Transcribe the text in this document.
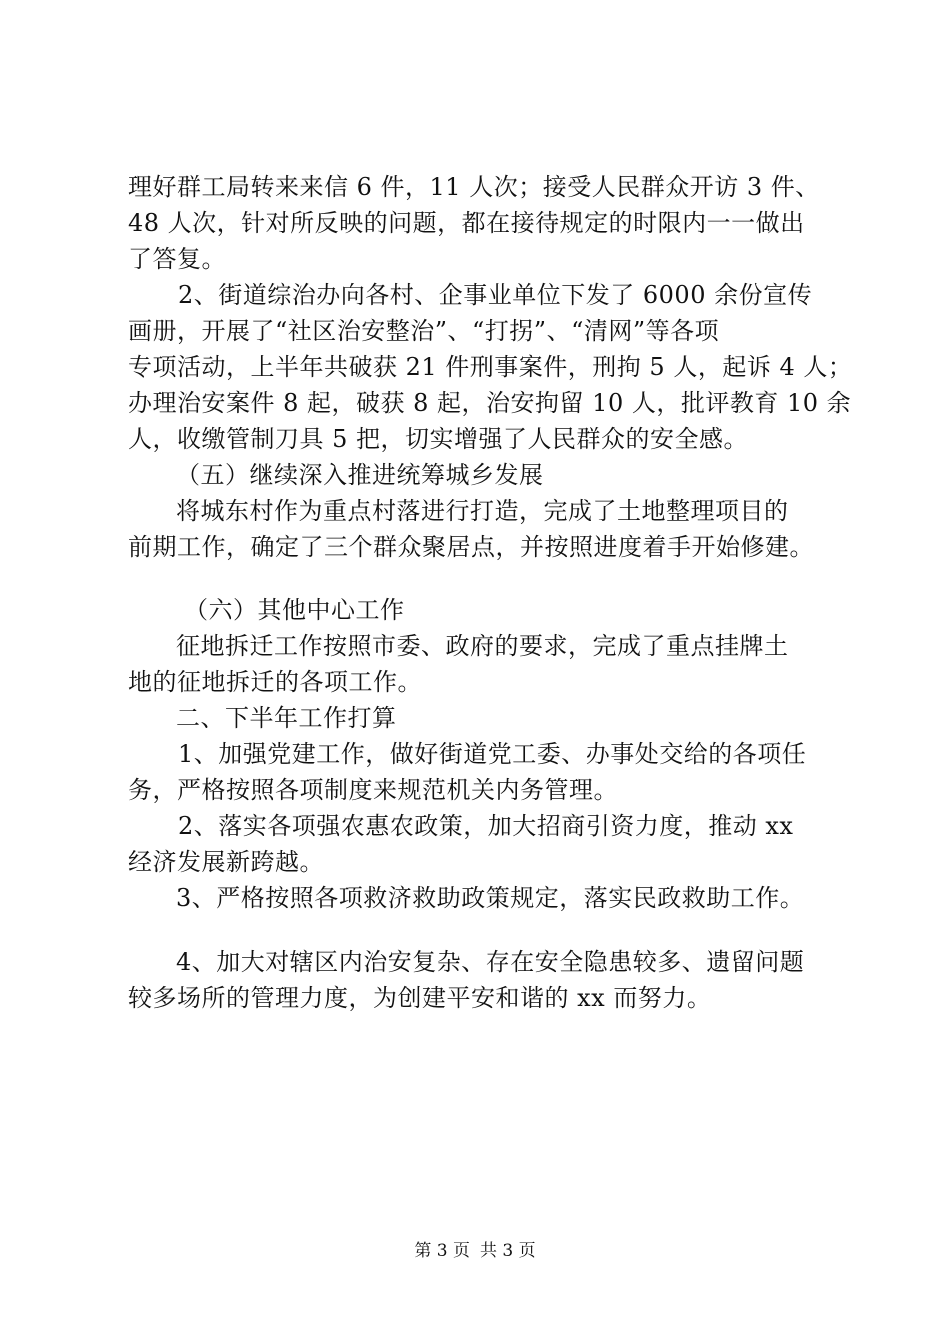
理好群工局转来来信 6 件，11 人次；接受人民群众开访 3 件、
48 人次，针对所反映的问题，都在接待规定的时限内一一做出
了答复。
2、街道综治办向各村、企事业单位下发了 6000 余份宣传
画册，开展了“社区治安整治”、“打拐”、“清网”等各项
专项活动，上半年共破获 21 件刑事案件，刑拘 5 人，起诉 4 人；
办理治安案件 8 起，破获 8 起，治安拘留 10 人，批评教育 10 余
人，收缴管制刀具 5 把，切实增强了人民群众的安全感。
（五）继续深入推进统筹城乡发展
将城东村作为重点村落进行打造，完成了土地整理项目的
前期工作，确定了三个群众聚居点，并按照进度着手开始修建。
（六）其他中心工作
征地拆迁工作按照市委、政府的要求，完成了重点挂牌土
地的征地拆迁的各项工作。
二、下半年工作打算
1、加强党建工作，做好街道党工委、办事处交给的各项任
务，严格按照各项制度来规范机关内务管理。
2、落实各项强农惠农政策，加大招商引资力度，推动 xx
经济发展新跨越。
3、严格按照各项救济救助政策规定，落实民政救助工作。
4、加大对辖区内治安复杂、存在安全隐患较多、遗留问题
较多场所的管理力度，为创建平安和谐的 xx 而努力。
第 3 页 共 3 页
